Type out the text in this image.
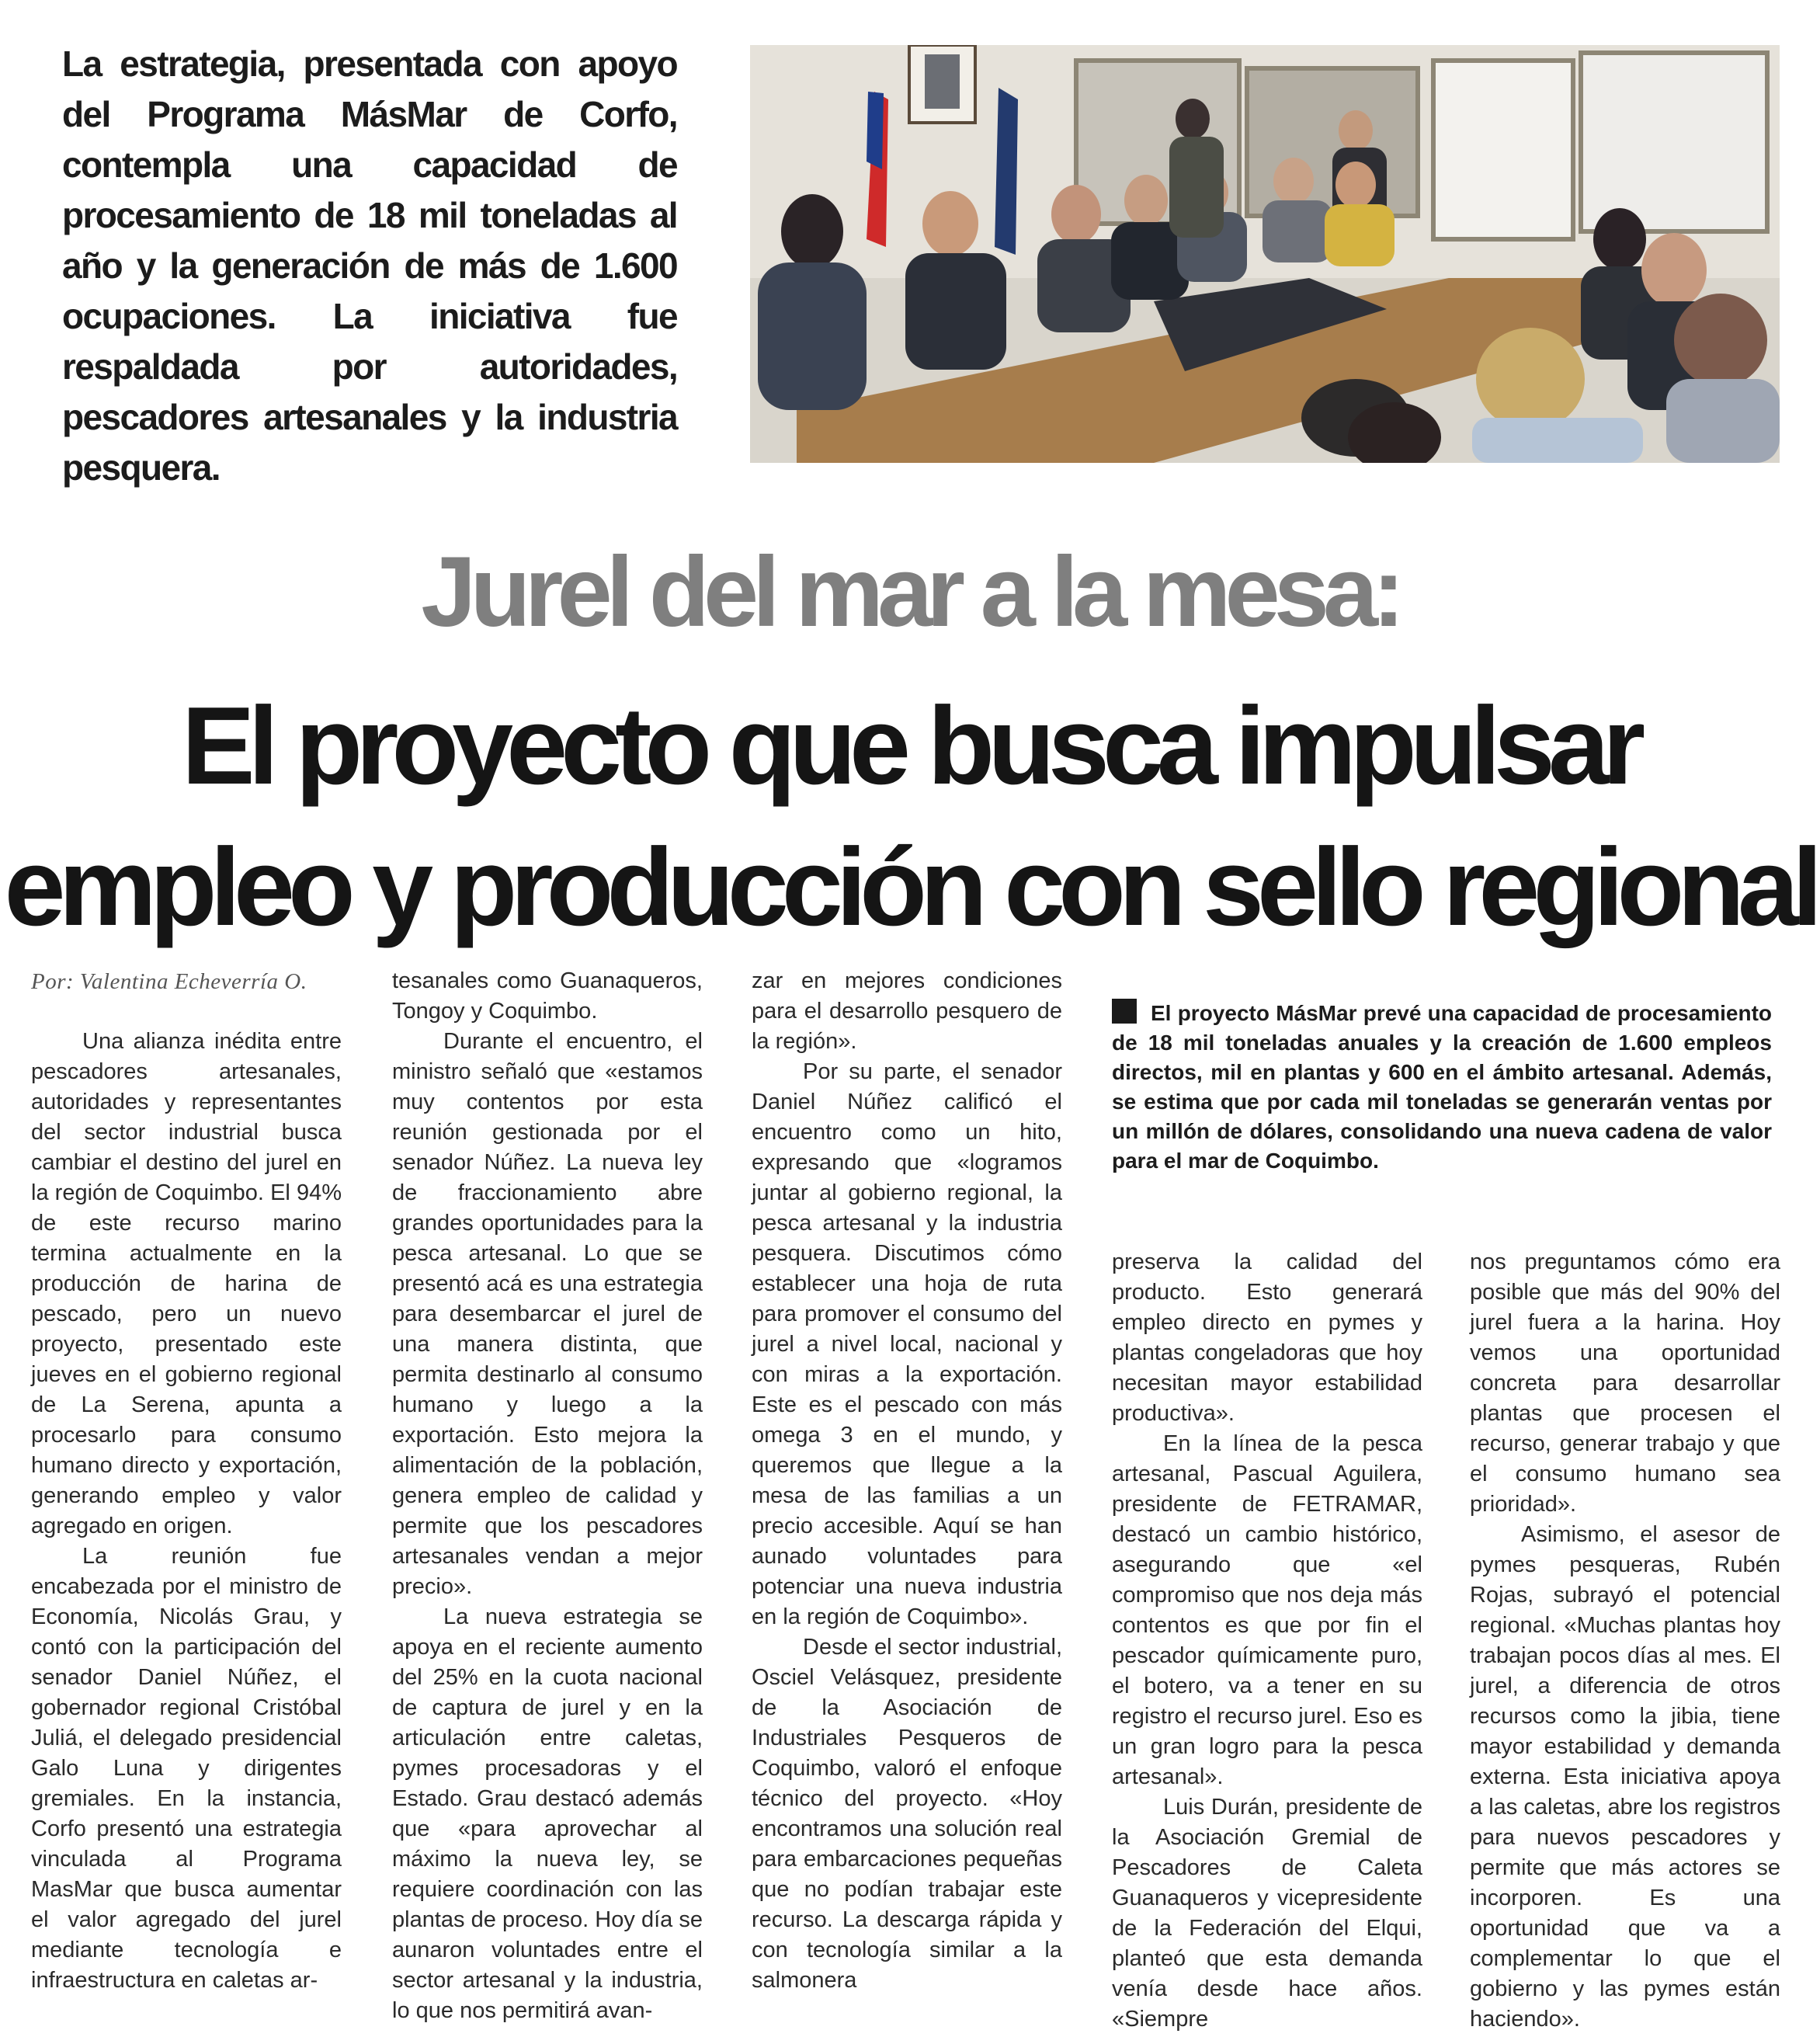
La estrategia, presentada con apoyo del Programa MásMar de Corfo, contempla una capacidad de procesamiento de 18 mil toneladas al año y la generación de más de 1.600 ocupaciones. La iniciativa fue respaldada por autoridades, pescadores artesanales y la industria pesquera.
Jurel del mar a la mesa:
El proyecto que busca impulsar
empleo y producción con sello regional
Por: Valentina Echeverría O.

Una alianza inédita entre pescadores artesanales, autoridades y representantes del sector industrial busca cambiar el destino del jurel en la región de Coquimbo. El 94% de este recurso marino termina actualmente en la producción de harina de pescado, pero un nuevo proyecto, presentado este jueves en el gobierno regional de La Serena, apunta a procesarlo para consumo humano directo y exportación, generando empleo y valor agregado en origen.

La reunión fue encabezada por el ministro de Economía, Nicolás Grau, y contó con la participación del senador Daniel Núñez, el gobernador regional Cristóbal Juliá, el delegado presidencial Galo Luna y dirigentes gremiales. En la instancia, Corfo presentó una estrategia vinculada al Programa MasMar que busca aumentar el valor agregado del jurel mediante tecnología e infraestructura en caletas ar-

tesanales como Guanaqueros, Tongoy y Coquimbo.

Durante el encuentro, el ministro señaló que «estamos muy contentos por esta reunión gestionada por el senador Núñez. La nueva ley de fraccionamiento abre grandes oportunidades para la pesca artesanal. Lo que se presentó acá es una estrategia para desembarcar el jurel de una manera distinta, que permita destinarlo al consumo humano y luego a la exportación. Esto mejora la alimentación de la población, genera empleo de calidad y permite que los pescadores artesanales vendan a mejor precio».

La nueva estrategia se apoya en el reciente aumento del 25% en la cuota nacional de captura de jurel y en la articulación entre caletas, pymes procesadoras y el Estado. Grau destacó además que «para aprovechar al máximo la nueva ley, se requiere coordinación con las plantas de proceso. Hoy día se aunaron voluntades entre el sector artesanal y la industria, lo que nos permitirá avan-

zar en mejores condiciones para el desarrollo pesquero de la región».

Por su parte, el senador Daniel Núñez calificó el encuentro como un hito, expresando que «logramos juntar al gobierno regional, la pesca artesanal y la industria pesquera. Discutimos cómo establecer una hoja de ruta para promover el consumo del jurel a nivel local, nacional y con miras a la exportación. Este es el pescado con más omega 3 en el mundo, y queremos que llegue a la mesa de las familias a un precio accesible. Aquí se han aunado voluntades para potenciar una nueva industria en la región de Coquimbo».

Desde el sector industrial, Osciel Velásquez, presidente de la Asociación de Industriales Pesqueros de Coquimbo, valoró el enfoque técnico del proyecto. «Hoy encontramos una solución real para embarcaciones pequeñas que no podían trabajar este recurso. La descarga rápida y con tecnología similar a la salmonera

El proyecto MásMar prevé una capacidad de procesamiento de 18 mil toneladas anuales y la creación de 1.600 empleos directos, mil en plantas y 600 en el ámbito artesanal. Además, se estima que por cada mil toneladas se generarán ventas por un millón de dólares, consolidando una nueva cadena de valor para el mar de Coquimbo.

preserva la calidad del producto. Esto generará empleo directo en pymes y plantas congeladoras que hoy necesitan mayor estabilidad productiva».

En la línea de la pesca artesanal, Pascual Aguilera, presidente de FETRAMAR, destacó un cambio histórico, asegurando que «el compromiso que nos deja más contentos es que por fin el pescador químicamente puro, el botero, va a tener en su registro el recurso jurel. Eso es un gran logro para la pesca artesanal».

Luis Durán, presidente de la Asociación Gremial de Pescadores de Caleta Guanaqueros y vicepresidente de la Federación del Elqui, planteó que esta demanda venía desde hace años. «Siempre

nos preguntamos cómo era posible que más del 90% del jurel fuera a la harina. Hoy vemos una oportunidad concreta para desarrollar plantas que procesen el recurso, generar trabajo y que el consumo humano sea prioridad».

Asimismo, el asesor de pymes pesqueras, Rubén Rojas, subrayó el potencial regional. «Muchas plantas hoy trabajan pocos días al mes. El jurel, a diferencia de otros recursos como la jibia, tiene mayor estabilidad y demanda externa. Esta iniciativa apoya a las caletas, abre los registros para nuevos pescadores y permite que más actores se incorporen. Es una oportunidad que va a complementar lo que el gobierno y las pymes están haciendo».
